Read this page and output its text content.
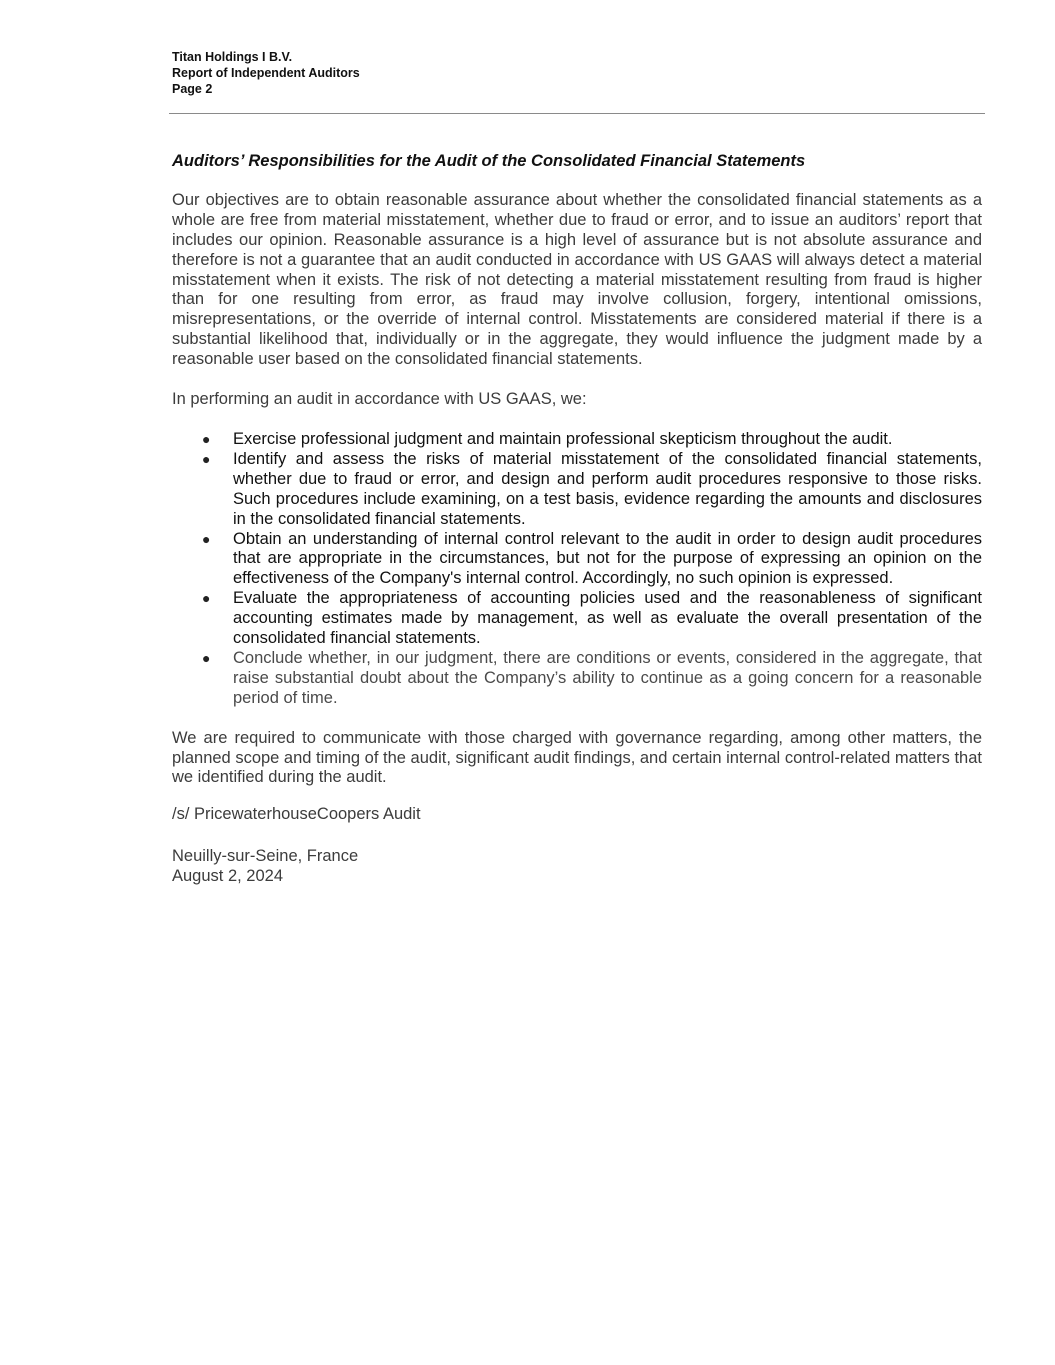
Titan Holdings I B.V.
Report of Independent Auditors
Page 2
Auditors’ Responsibilities for the Audit of the Consolidated Financial Statements

Our objectives are to obtain reasonable assurance about whether the consolidated financial statements as a whole are free from material misstatement, whether due to fraud or error, and to issue an auditors’ report that includes our opinion. Reasonable assurance is a high level of assurance but is not absolute assurance and therefore is not a guarantee that an audit conducted in accordance with US GAAS will always detect a material misstatement when it exists. The risk of not detecting a material misstatement resulting from fraud is higher than for one resulting from error, as fraud may involve collusion, forgery, intentional omissions, misrepresentations, or the override of internal control. Misstatements are considered material if there is a substantial likelihood that, individually or in the aggregate, they would influence the judgment made by a reasonable user based on the consolidated financial statements.

In performing an audit in accordance with US GAAS, we:

● Exercise professional judgment and maintain professional skepticism throughout the audit.
● Identify and assess the risks of material misstatement of the consolidated financial statements, whether due to fraud or error, and design and perform audit procedures responsive to those risks. Such procedures include examining, on a test basis, evidence regarding the amounts and disclosures in the consolidated financial statements.
● Obtain an understanding of internal control relevant to the audit in order to design audit procedures that are appropriate in the circumstances, but not for the purpose of expressing an opinion on the effectiveness of the Company's internal control. Accordingly, no such opinion is expressed.
● Evaluate the appropriateness of accounting policies used and the reasonableness of significant accounting estimates made by management, as well as evaluate the overall presentation of the consolidated financial statements.
● Conclude whether, in our judgment, there are conditions or events, considered in the aggregate, that raise substantial doubt about the Company’s ability to continue as a going concern for a reasonable period of time.

We are required to communicate with those charged with governance regarding, among other matters, the planned scope and timing of the audit, significant audit findings, and certain internal control-related matters that we identified during the audit.

/s/ PricewaterhouseCoopers Audit
Neuilly-sur-Seine, France
August 2, 2024
